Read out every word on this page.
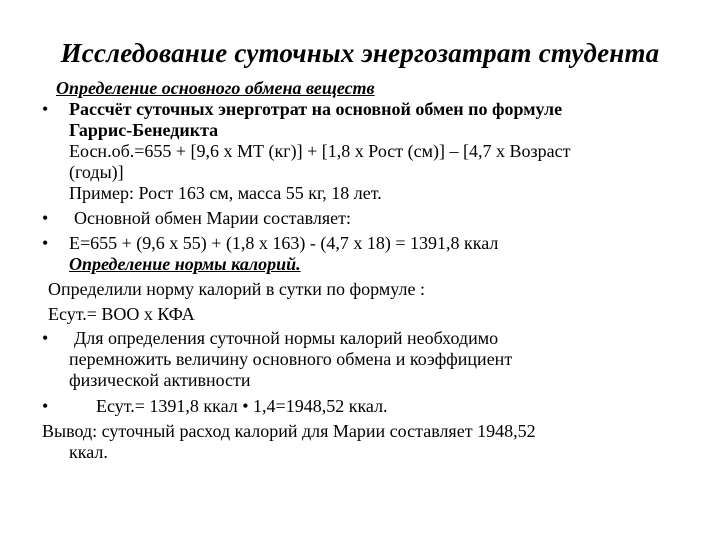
Исследование суточных энергозатрат студента
Определение основного обмена веществ
• Рассчёт суточных энерготрат на основной обмен по формуле
Гаррис-Бенедикта
Еосн.об.=655 + [9,6 х МТ (кг)] + [1,8 х Рост (см)] – [4,7 х Возраст
(годы)]
Пример: Рост 163 см, масса 55 кг, 18 лет.
• Основной обмен Марии составляет:
• E=655 + (9,6 х 55) + (1,8 х 163) - (4,7 х 18) = 1391,8 ккал
Определение нормы калорий.
Определили норму калорий в сутки по формуле :
Есут.= ВОО х КФА
• Для определения суточной нормы калорий необходимо
перемножить величину основного обмена и коэффициент
физической активности
•	Есут.= 1391,8 ккал • 1,4=1948,52 ккал.
Вывод: суточный расход калорий для Марии составляет 1948,52
ккал.
